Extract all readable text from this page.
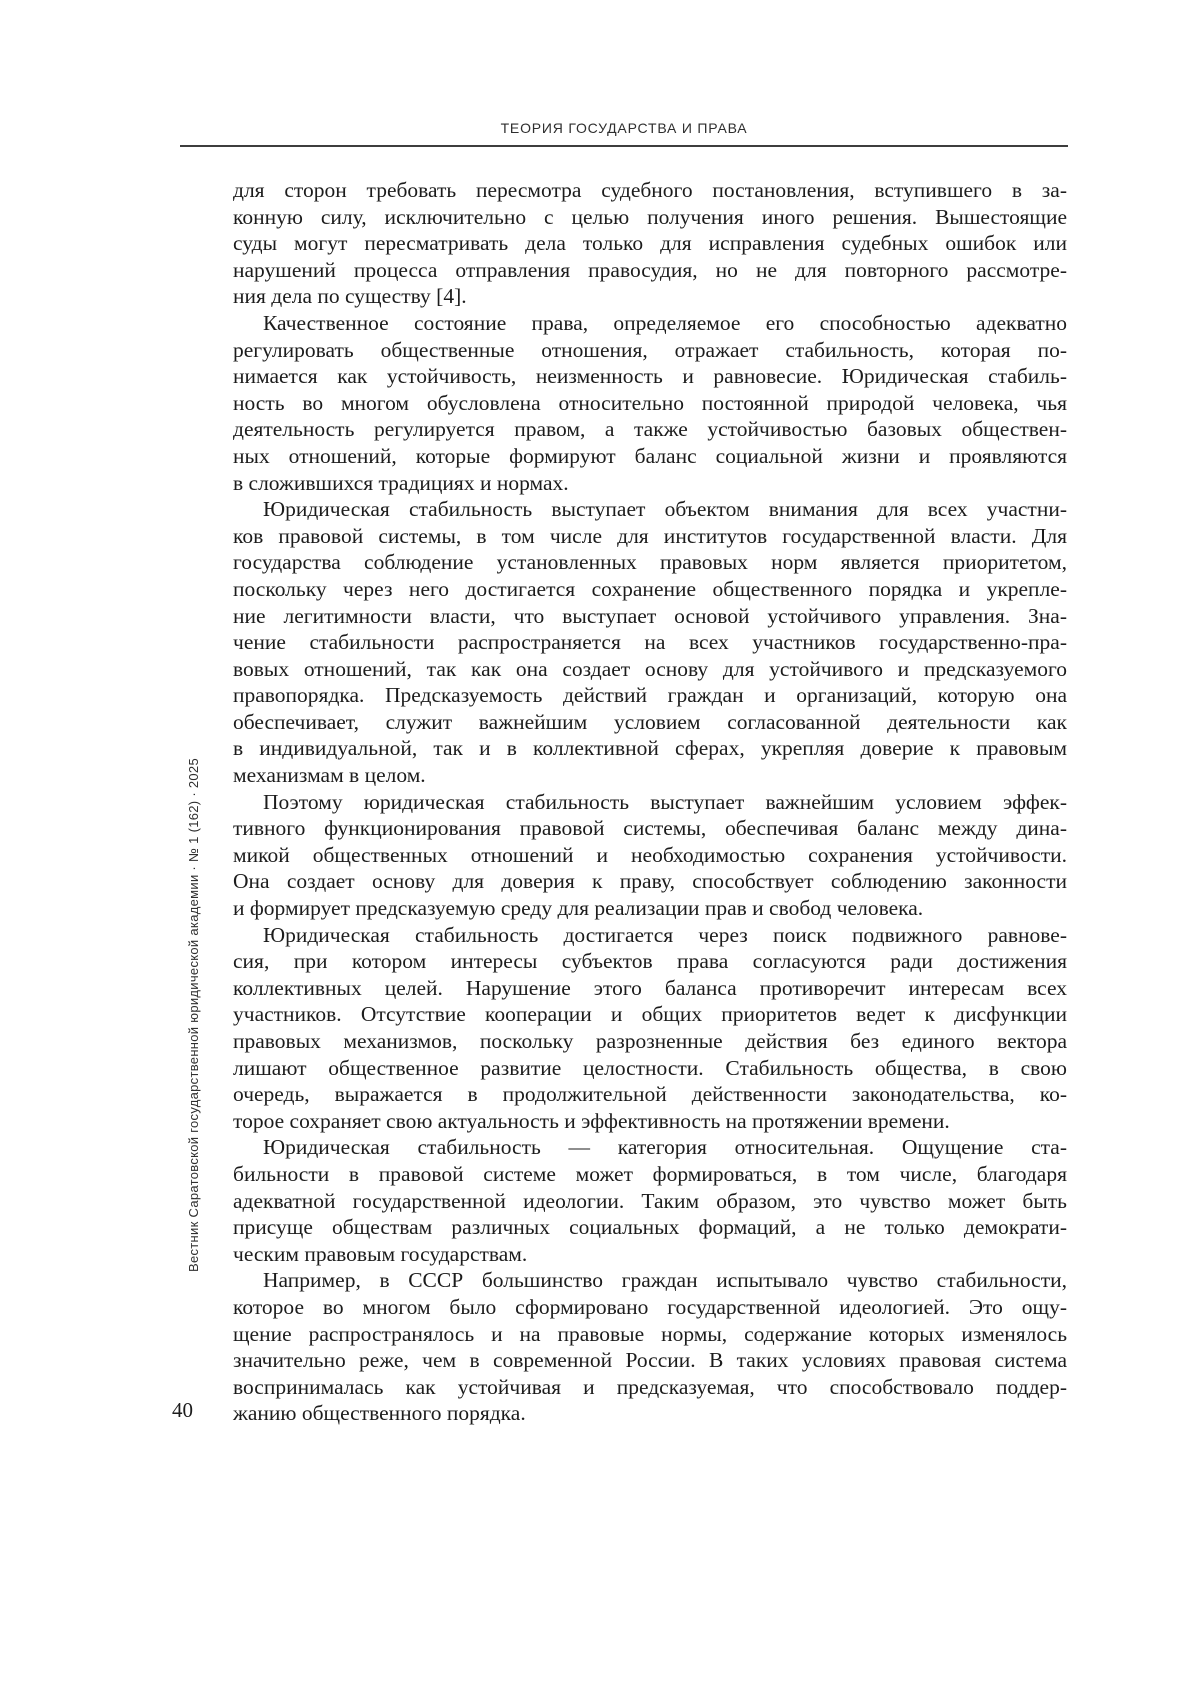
ТЕОРИЯ ГОСУДАРСТВА И ПРАВА
для сторон требовать пересмотра судебного постановления, вступившего в за-
конную силу, исключительно с целью получения иного решения. Вышестоящие
суды могут пересматривать дела только для исправления судебных ошибок или
нарушений процесса отправления правосудия, но не для повторного рассмотре-
ния дела по существу [4].
Качественное состояние права, определяемое его способностью адекватно
регулировать общественные отношения, отражает стабильность, которая по-
нимается как устойчивость, неизменность и равновесие. Юридическая стабиль-
ность во многом обусловлена относительно постоянной природой человека, чья
деятельность регулируется правом, а также устойчивостью базовых обществен-
ных отношений, которые формируют баланс социальной жизни и проявляются
в сложившихся традициях и нормах.
Юридическая стабильность выступает объектом внимания для всех участни-
ков правовой системы, в том числе для институтов государственной власти. Для
государства соблюдение установленных правовых норм является приоритетом,
поскольку через него достигается сохранение общественного порядка и укрепле-
ние легитимности власти, что выступает основой устойчивого управления. Зна-
чение стабильности распространяется на всех участников государственно-пра-
вовых отношений, так как она создает основу для устойчивого и предсказуемого
правопорядка. Предсказуемость действий граждан и организаций, которую она
обеспечивает, служит важнейшим условием согласованной деятельности как
в индивидуальной, так и в коллективной сферах, укрепляя доверие к правовым
механизмам в целом.
Поэтому юридическая стабильность выступает важнейшим условием эффек-
тивного функционирования правовой системы, обеспечивая баланс между дина-
микой общественных отношений и необходимостью сохранения устойчивости.
Она создает основу для доверия к праву, способствует соблюдению законности
и формирует предсказуемую среду для реализации прав и свобод человека.
Юридическая стабильность достигается через поиск подвижного равнове-
сия, при котором интересы субъектов права согласуются ради достижения
коллективных целей. Нарушение этого баланса противоречит интересам всех
участников. Отсутствие кооперации и общих приоритетов ведет к дисфункции
правовых механизмов, поскольку разрозненные действия без единого вектора
лишают общественное развитие целостности. Стабильность общества, в свою
очередь, выражается в продолжительной действенности законодательства, ко-
торое сохраняет свою актуальность и эффективность на протяжении времени.
Юридическая стабильность — категория относительная. Ощущение ста-
бильности в правовой системе может формироваться, в том числе, благодаря
адекватной государственной идеологии. Таким образом, это чувство может быть
присуще обществам различных социальных формаций, а не только демократи-
ческим правовым государствам.
Например, в СССР большинство граждан испытывало чувство стабильности,
которое во многом было сформировано государственной идеологией. Это ощу-
щение распространялось и на правовые нормы, содержание которых изменялось
значительно реже, чем в современной России. В таких условиях правовая система
воспринималась как устойчивая и предсказуемая, что способствовало поддер-
жанию общественного порядка.
Вестник Саратовской государственной юридической академии · № 1 (162) · 2025
40
